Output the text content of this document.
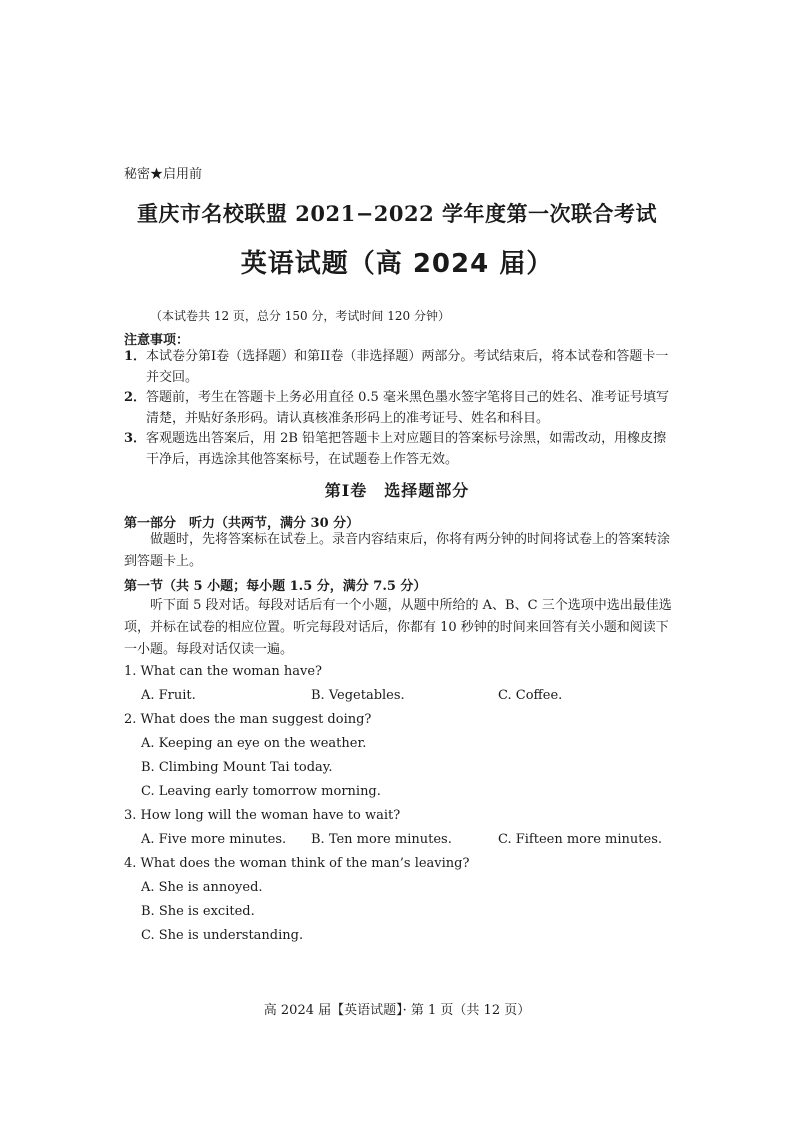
秘密★启用前
重庆市名校联盟 2021−2022 学年度第一次联合考试
英语试题（高 2024 届）
（本试卷共 12 页，总分 150 分，考试时间 120 分钟）
注意事项：
1． 本试卷分第I卷（选择题）和第II卷（非选择题）两部分。考试结束后，将本试卷和答题卡一并交回。
2． 答题前，考生在答题卡上务必用直径 0.5 毫米黑色墨水签字笔将目己的姓名、准考证号填写清楚，并贴好条形码。请认真核准条形码上的准考证号、姓名和科目。
3． 客观题选出答案后，用 2B 铅笔把答题卡上对应题目的答案标号涂黑，如需改动，用橡皮擦干净后，再选涂其他答案标号，在试题卷上作答无效。
第Ⅰ卷　选择题部分
第一部分　听力（共两节，满分 30 分）
做题时，先将答案标在试卷上。录音内容结束后，你将有两分钟的时间将试卷上的答案转涂到答题卡上。
第一节（共 5 小题；每小题 1.5 分，满分 7.5 分）
听下面 5 段对话。每段对话后有一个小题，从题中所给的 A、B、C 三个选项中选出最佳选项，并标在试卷的相应位置。听完每段对话后，你都有 10 秒钟的时间来回答有关小题和阅读下一小题。每段对话仅读一遍。
1. What can the woman have?
A. Fruit.	B. Vegetables.	C. Coffee.
2. What does the man suggest doing?
A. Keeping an eye on the weather.
B. Climbing Mount Tai today.
C. Leaving early tomorrow morning.
3. How long will the woman have to wait?
A. Five more minutes. B. Ten more minutes.	C. Fifteen more minutes.
4. What does the woman think of the man’s leaving?
A. She is annoyed.
B. She is excited.
C. She is understanding.
高 2024 届【英语试题】· 第 1 页（共 12 页）
